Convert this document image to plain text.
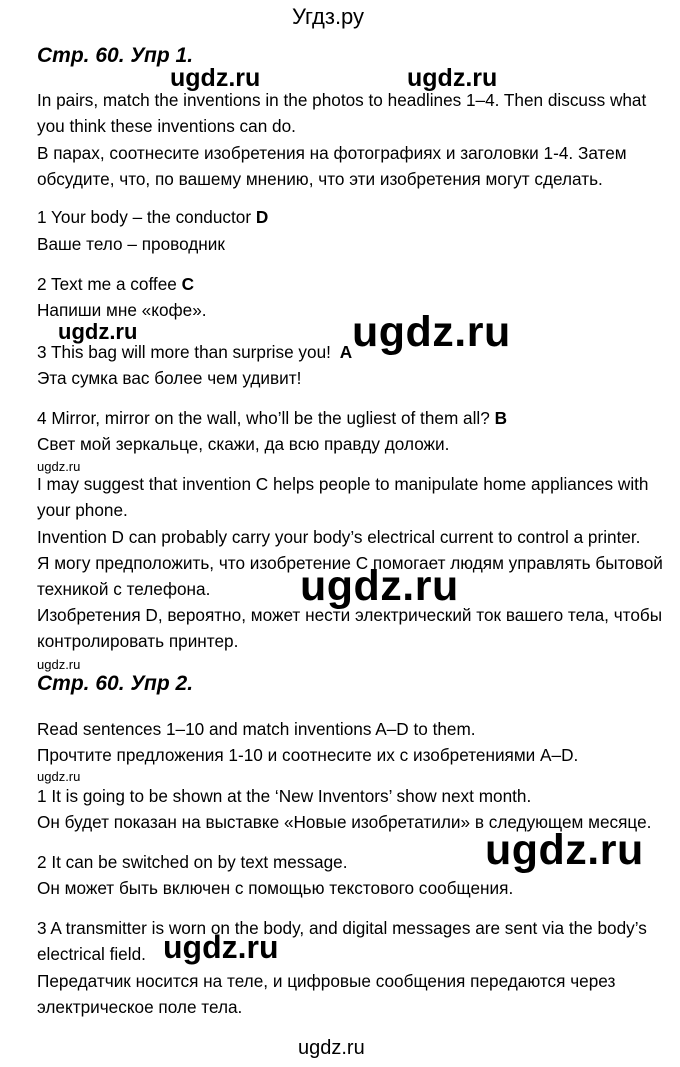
Угдз.ру
Стр. 60. Упр 1.
In pairs, match the inventions in the photos to headlines 1–4. Then discuss what
you think these inventions can do.
В парах, соотнесите изобретения на фотографиях и заголовки 1-4. Затем
обсудите, что, по вашему мнению, что эти изобретения могут сделать.
1 Your body – the conductor D
Ваше тело – проводник
2 Text me a coffee C
Напиши мне «кофе».
3 This bag will more than surprise you! A
Эта сумка вас более чем удивит!
4 Mirror, mirror on the wall, who’ll be the ugliest of them all? B
Свет мой зеркальце, скажи, да всю правду доложи.
I may suggest that invention C helps people to manipulate home appliances with
your phone.
Invention D can probably carry your body’s electrical current to control a printer.
Я могу предположить, что изобретение С помогает людям управлять бытовой
техникой с телефона.
Изобретения D, вероятно, может нести электрический ток вашего тела, чтобы
контролировать принтер.
Стр. 60. Упр 2.
Read sentences 1–10 and match inventions A–D to them.
Прочтите предложения 1-10 и соотнесите их с изобретениями A–D.
1 It is going to be shown at the ‘New Inventors’ show next month.
Он будет показан на выставке «Новые изобретатили» в следующем месяце.
2 It can be switched on by text message.
Он может быть включен с помощью текстового сообщения.
3 A transmitter is worn on the body, and digital messages are sent via the body’s
electrical field.
Передатчик носится на теле, и цифровые сообщения передаются через
электрическое поле тела.
ugdz.ru
ugdz.ru	ugdz.ru
ugdz.ru	ugdz.ru
ugdz.ru
ugdz.ru
ugdz.ru
ugdz.ru
ugdz.ru
ugdz.ru
